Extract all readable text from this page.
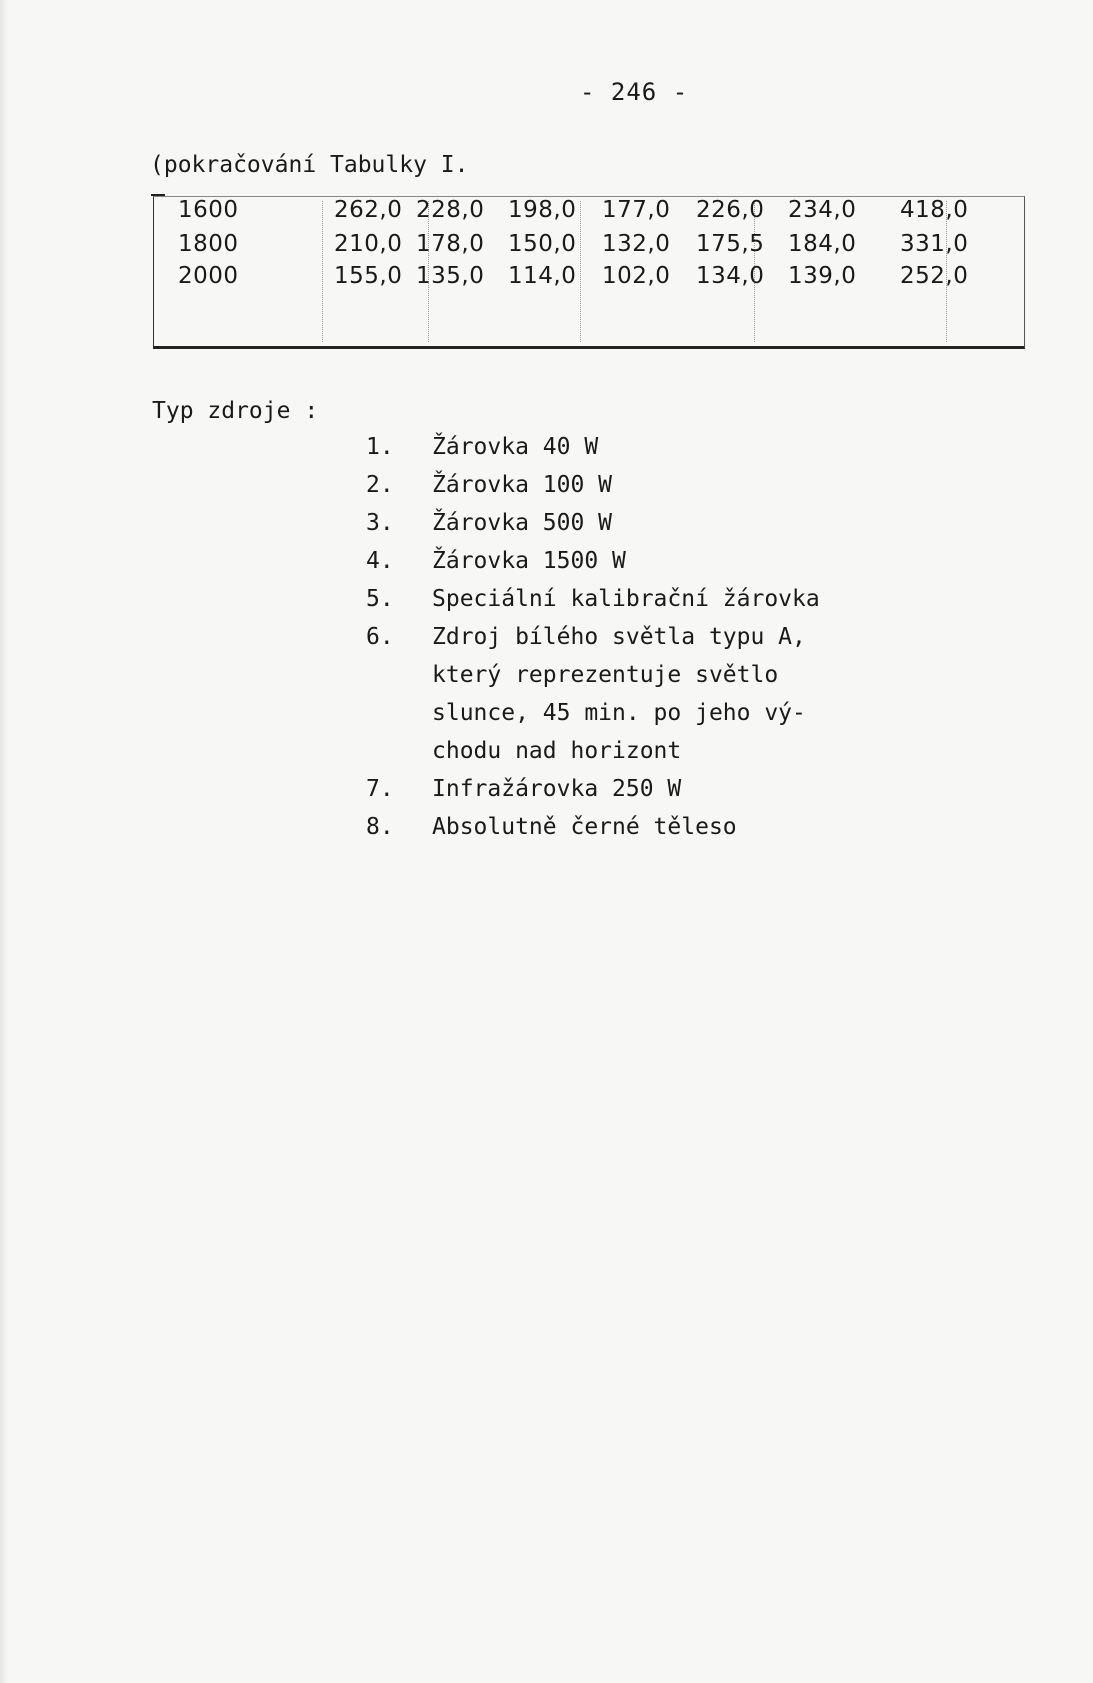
- 246 -
(pokračování Tabulky I.
1600	262,0 228,0 198,0 177,0 226,0 234,0 418,0
1800	210,0 178,0 150,0 132,0 175,5 184,0 331,0
2000	155,0 135,0 114,0 102,0 134,0 139,0 252,0
Typ zdroje :
1.	Žárovka 40 W
2.	Žárovka 100 W
3.	Žárovka 500 W
4.	Žárovka 1500 W
5.	Speciální kalibrační žárovka
6.	Zdroj bílého světla typu A,
který reprezentuje světlo
slunce, 45 min. po jeho vý-
chodu nad horizont
7.	Infražárovka 250 W
8.	Absolutně černé těleso
